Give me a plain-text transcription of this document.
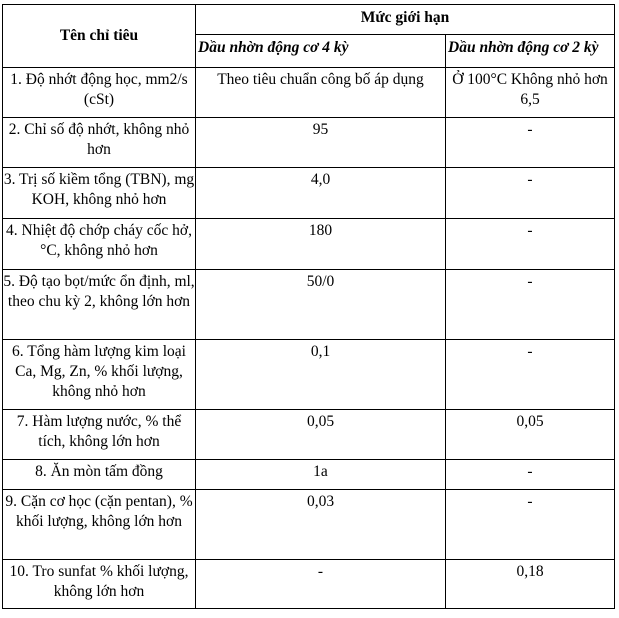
Tên chỉ tiêu	Mức giới hạn	
	Dầu nhờn động cơ 4 kỳ	Dầu nhờn động cơ 2 kỳ
1. Độ nhớt động học, mm2/s (cSt)	Theo tiêu chuẩn công bố áp dụng	Ở 100°C Không nhỏ hơn 6,5
2. Chỉ số độ nhớt, không nhỏ hơn	95	-
3. Trị số kiềm tổng (TBN), mg KOH, không nhỏ hơn	4,0	-
4. Nhiệt độ chớp cháy cốc hở, °C, không nhỏ hơn	180	-
5. Độ tạo bọt/mức ổn định, ml, theo chu kỳ 2, không lớn hơn	50/0	-
6. Tổng hàm lượng kim loại Ca, Mg, Zn, % khối lượng, không nhỏ hơn	0,1	-
7. Hàm lượng nước, % thể tích, không lớn hơn	0,05	0,05
8. Ăn mòn tấm đồng	1a	-
9. Cặn cơ học (cặn pentan), % khối lượng, không lớn hơn	0,03	-
10. Tro sunfat % khối lượng, không lớn hơn	-	0,18
